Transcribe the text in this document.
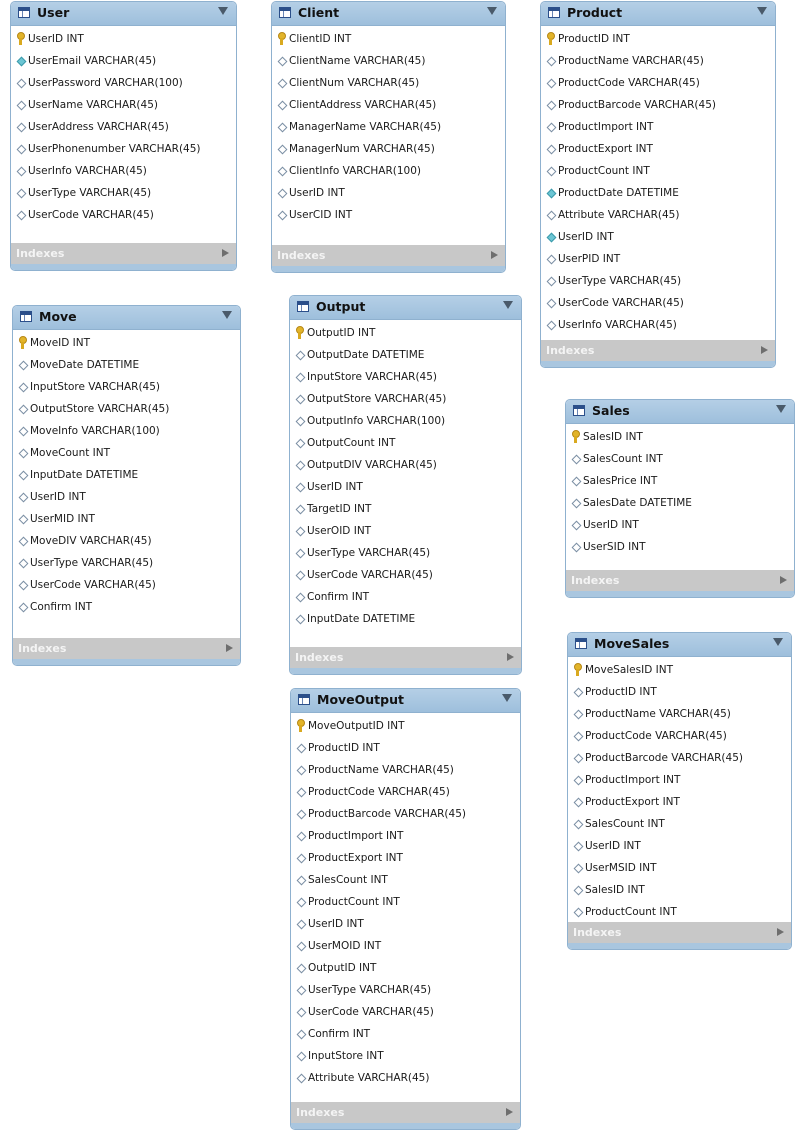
User
UserID INT
UserEmail VARCHAR(45)
UserPassword VARCHAR(100)
UserName VARCHAR(45)
UserAddress VARCHAR(45)
UserPhonenumber VARCHAR(45)
UserInfo VARCHAR(45)
UserType VARCHAR(45)
UserCode VARCHAR(45)
Indexes
Client
ClientID INT
ClientName VARCHAR(45)
ClientNum VARCHAR(45)
ClientAddress VARCHAR(45)
ManagerName VARCHAR(45)
ManagerNum VARCHAR(45)
ClientInfo VARCHAR(100)
UserID INT
UserCID INT
Indexes
Product
ProductID INT
ProductName VARCHAR(45)
ProductCode VARCHAR(45)
ProductBarcode VARCHAR(45)
ProductImport INT
ProductExport INT
ProductCount INT
ProductDate DATETIME
Attribute VARCHAR(45)
UserID INT
UserPID INT
UserType VARCHAR(45)
UserCode VARCHAR(45)
UserInfo VARCHAR(45)
Indexes
Move
MoveID INT
MoveDate DATETIME
InputStore VARCHAR(45)
OutputStore VARCHAR(45)
MoveInfo VARCHAR(100)
MoveCount INT
InputDate DATETIME
UserID INT
UserMID INT
MoveDIV VARCHAR(45)
UserType VARCHAR(45)
UserCode VARCHAR(45)
Confirm INT
Indexes
Output
OutputID INT
OutputDate DATETIME
InputStore VARCHAR(45)
OutputStore VARCHAR(45)
OutputInfo VARCHAR(100)
OutputCount INT
OutputDIV VARCHAR(45)
UserID INT
TargetID INT
UserOID INT
UserType VARCHAR(45)
UserCode VARCHAR(45)
Confirm INT
InputDate DATETIME
Indexes
Sales
SalesID INT
SalesCount INT
SalesPrice INT
SalesDate DATETIME
UserID INT
UserSID INT
Indexes
MoveOutput
MoveOutputID INT
ProductID INT
ProductName VARCHAR(45)
ProductCode VARCHAR(45)
ProductBarcode VARCHAR(45)
ProductImport INT
ProductExport INT
SalesCount INT
ProductCount INT
UserID INT
UserMOID INT
OutputID INT
UserType VARCHAR(45)
UserCode VARCHAR(45)
Confirm INT
InputStore INT
Attribute VARCHAR(45)
Indexes
MoveSales
MoveSalesID INT
ProductID INT
ProductName VARCHAR(45)
ProductCode VARCHAR(45)
ProductBarcode VARCHAR(45)
ProductImport INT
ProductExport INT
SalesCount INT
UserID INT
UserMSID INT
SalesID INT
ProductCount INT
Indexes
